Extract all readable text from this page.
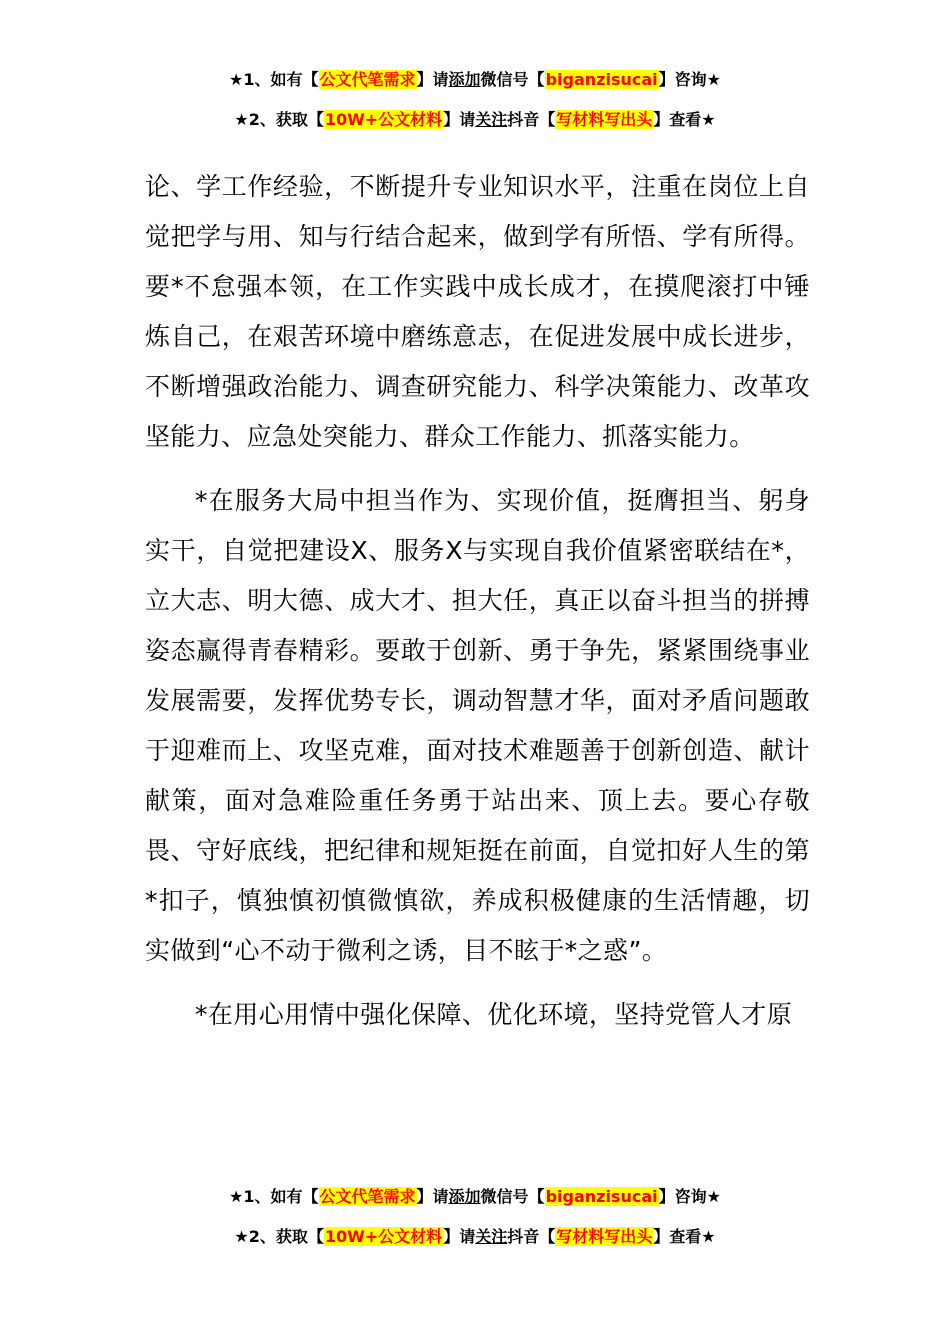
★1、如有【公文代笔需求】请添加微信号【biganzisucai】咨询★
★2、获取【10W+公文材料】请关注抖音【写材料写出头】查看★

论、学工作经验，不断提升专业知识水平，注重在岗位上自觉把学与用、知与行结合起来，做到学有所悟、学有所得。要*不怠强本领，在工作实践中成长成才，在摸爬滚打中锤炼自己，在艰苦环境中磨练意志，在促进发展中成长进步，不断增强政治能力、调查研究能力、科学决策能力、改革攻坚能力、应急处突能力、群众工作能力、抓落实能力。

*在服务大局中担当作为、实现价值，挺膺担当、躬身实干，自觉把建设X、服务X与实现自我价值紧密联结在*，立大志、明大德、成大才、担大任，真正以奋斗担当的拼搏姿态赢得青春精彩。要敢于创新、勇于争先，紧紧围绕事业发展需要，发挥优势专长，调动智慧才华，面对矛盾问题敢于迎难而上、攻坚克难，面对技术难题善于创新创造、献计献策，面对急难险重任务勇于站出来、顶上去。要心存敬畏、守好底线，把纪律和规矩挺在前面，自觉扣好人生的第*扣子，慎独慎初慎微慎欲，养成积极健康的生活情趣，切实做到“心不动于微利之诱，目不眩于*之惑”。

*在用心用情中强化保障、优化环境，坚持党管人才原

★1、如有【公文代笔需求】请添加微信号【biganzisucai】咨询★
★2、获取【10W+公文材料】请关注抖音【写材料写出头】查看★
